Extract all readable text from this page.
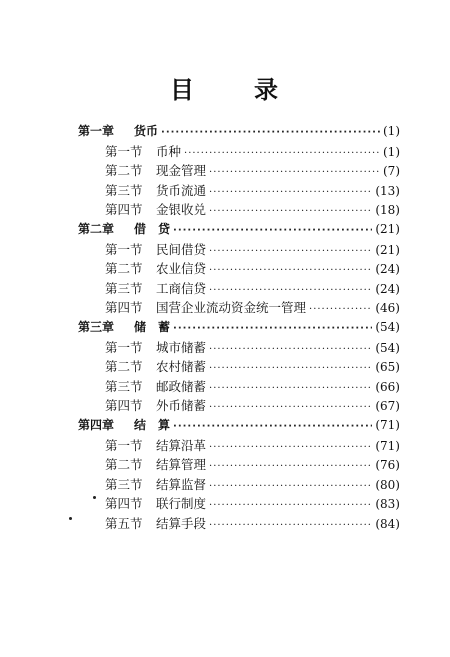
目 录
第一章	货币 ·····	(1)
第一节	币种 ·····	(1)
第二节	现金管理 ·····	(7)
第三节	货币流通 ·····	(13)
第四节	金银收兑 ·····	(18)
第二章	借　贷 ·····	(21)
第一节	民间借贷 ·····	(21)
第二节	农业信贷 ·····	(24)
第三节	工商信贷 ·····	(24)
第四节	国营企业流动资金统一管理 ·····	(46)
第三章	储　蓄 ·····	(54)
第一节	城市储蓄 ·····	(54)
第二节	农村储蓄 ·····	(65)
第三节	邮政储蓄 ·····	(66)
第四节	外币储蓄 ·····	(67)
第四章	结　算 ·····	(71)
第一节	结算沿革 ·····	(71)
第二节	结算管理 ·····	(76)
第三节	结算监督 ·····	(80)
第四节	联行制度 ·····	(83)
第五节	结算手段 ·····	(84)
